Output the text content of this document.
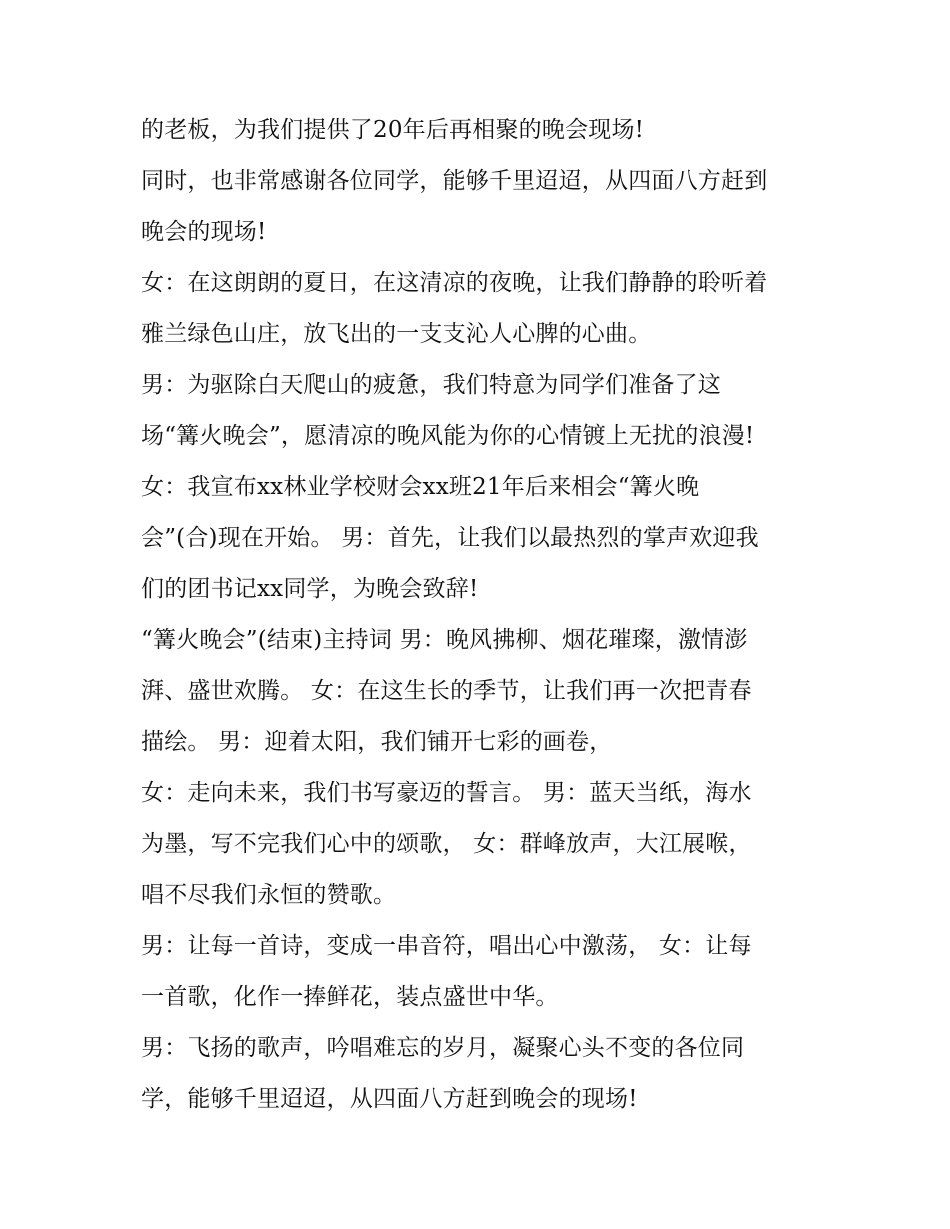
的老板，为我们提供了20年后再相聚的晚会现场!
同时，也非常感谢各位同学，能够千里迢迢，从四面八方赶到
晚会的现场!
女：在这朗朗的夏日，在这清凉的夜晚，让我们静静的聆听着
雅兰绿色山庄，放飞出的一支支沁人心脾的心曲。
男：为驱除白天爬山的疲惫，我们特意为同学们准备了这
场“篝火晚会”，愿清凉的晚风能为你的心情镀上无扰的浪漫!
女：我宣布xx林业学校财会xx班21年后来相会“篝火晚
会”(合)现在开始。 男：首先，让我们以最热烈的掌声欢迎我
们的团书记xx同学，为晚会致辞!
“篝火晚会”(结束)主持词 男：晚风拂柳、烟花璀璨，激情澎
湃、盛世欢腾。 女：在这生长的季节，让我们再一次把青春
描绘。 男：迎着太阳，我们铺开七彩的画卷，
女：走向未来，我们书写豪迈的誓言。 男：蓝天当纸，海水
为墨，写不完我们心中的颂歌， 女：群峰放声，大江展喉，
唱不尽我们永恒的赞歌。
男：让每一首诗，变成一串音符，唱出心中激荡， 女：让每
一首歌，化作一捧鲜花，装点盛世中华。
男：飞扬的歌声，吟唱难忘的岁月，凝聚心头不变的各位同
学，能够千里迢迢，从四面八方赶到晚会的现场!
